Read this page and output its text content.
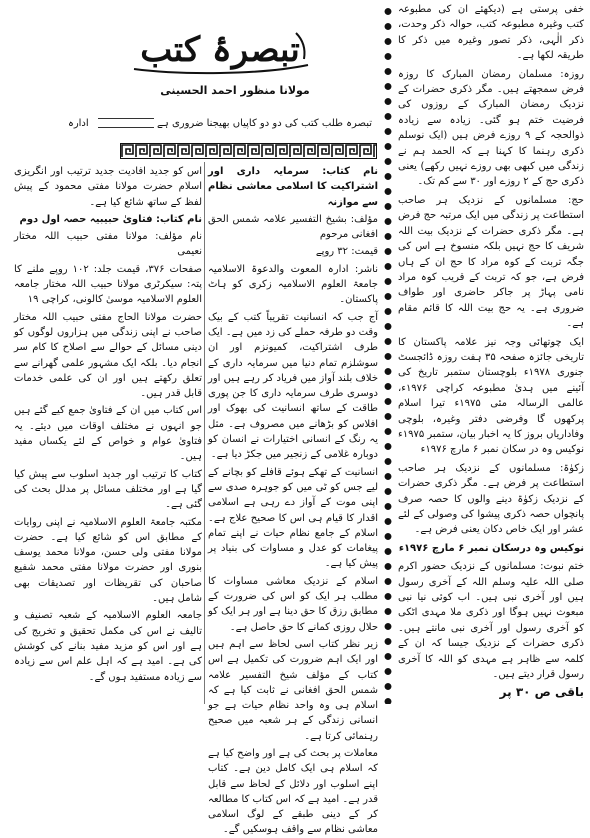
خفی پرستی ہے (دیکھئے ان کی مطبوعہ کتب وغیرہ مطبوعہ کتب، حوالہ ذکر وحدت، ذکر الٰہی، ذکر تصور وغیرہ میں ذکر کا طریقہ لکھا ہے۔

روزہ: مسلمان رمضان المبارک کا روزہ فرض سمجھتے ہیں۔ مگر ذکری حضرات کے نزدیک رمضان المبارک کے روزوں کی فرضیت ختم ہو گئی۔ زیادہ سے زیادہ ذوالحجہ کے ۹ روزے فرض ہیں (ایک نوسلم ذکری رہنما کا کہنا ہے کہ الحمد ہم نے زندگی میں کبھی بھی روزے نہیں رکھے) یعنی ذکری حج کے ۲ روزے اور ۳۰ سے کم تک۔

حج: مسلمانوں کے نزدیک ہر صاحب استطاعت پر زندگی میں ایک مرتبہ حج فرض ہے۔ مگر ذکری حضرات کے نزدیک بیت اللہ شریف کا حج نہیں بلکہ منسوخ ہے اس کی جگہ تربت کے کوہ مراد کا حج ان کے ہاں فرض ہے، جو کہ تربت کے قریب کوہ مراد نامی پہاڑ پر جاکر حاضری اور طواف ضروری ہے۔ یہ حج بیت اللہ کا قائم مقام ہے۔

ایک چوتھائی وجہ نیز علامہ پاکستان کا تاریخی جائزہ صفحہ ۳۵ ہفت روزہ ڈائجسٹ جنوری ۱۹۷۸ء بلوچستان ستمبر تاریخ کی آئینے میں ہدیٰ مطبوعہ کراچی ۱۹۷۶ء، عالمی الرسالہ مئی ۱۹۷۵ء تیرا اسلام پرکھوں گا وفرضی دفتر وغیرہ، بلوچی وفاداریاں بروز کا یہ اخبار بیان، ستمبر ۱۹۷۵ء نوکیس وہ در سکان نمبر ۶ مارچ ۱۹۷۶ء

زکوٰۃ: مسلمانوں کے نزدیک ہر صاحب استطاعت پر فرض ہے۔ مگر ذکری حضرات کے نزدیک زکوٰۃ دینے والوں کا حصہ صرف پانچواں حصہ ذکری پیشوا کی وصولی کے لئے عشر اور ایک خاص دکان یعنی فرض ہے۔

نوکیس وہ درسکان نمبر ۶ مارچ ۱۹۷۶ء

ختم نبوت: مسلمانوں کے نزدیک حضور اکرم صلی اللہ علیہ وسلم اللہ کے آخری رسول ہیں اور آخری نبی ہیں۔ اب کوئی نیا نبی مبعوث نہیں ہوگا اور ذکری ملا مہدی اٹکی کو آخری رسول اور آخری نبی مانتے ہیں۔ ذکری حضرات کے نزدیک جیسا کہ ان کے کلمہ سے ظاہر ہے مہدی کو اللہ کا آخری رسول قرار دیتے ہیں۔

باقی ص ۳۰ پر

تبصرۂ کتب
مولانا منظور احمد الحسینی
تبصرہ طلب کتب کی دو دو کاپیاں بھیجنا ضروری ہے  ادارہ

نام کتاب: سرمایہ داری اور اشتراکیت کا اسلامی معاشی نظام سے موازنہ

مؤلف: بشیخ التفسیر علامہ شمس الحق افغانی مرحوم

قیمت: ۳۲ روپے

ناشر: ادارہ المعوت والدعوۃ الاسلامیہ جامعۃ العلوم الاسلامیہ زکری کو ہاٹ پاکستان۔

آج جب کہ انسانیت تقریباً کتب کے بیک وقت دو طرفہ حملے کی زد میں ہے۔ ایک طرف اشتراکیت، کمیونزم اور ان سوشلزم تمام دنیا میں سرمایہ داری کے خلاف بلند آواز میں فریاد کر رہے ہیں اور دوسری طرف سرمایہ داری کا جن پوری طاقت کے ساتھ انسانیت کی بھوک اور افلاس کو بڑھانے میں مصروف ہے۔ مثل یہ رنگ کے انسانی اختیارات نے انسان کو دوبارہ غلامی کے زنجیر میں جکڑ دیا ہے۔

انسانیت کے تھکے ہوئے قافلے کو بچانے کے لیے جس کو ٹی میں کو جوہرہ صدی سے اپنی موت کے آواز دے رہی ہے اسلامی اقدار کا قیام ہی اس کا صحیح علاج ہے۔ اسلام کے جامع نظام حیات نے اپنے تمام پیغامات کو عدل و مساوات کی بنیاد پر پیش کیا ہے۔

اسلام کے نزدیک معاشی مساوات کا مطلب ہر ایک کو اس کی ضرورت کے مطابق رزق کا حق دینا ہے اور ہر ایک کو حلال روزی کمانے کا حق حاصل ہے۔

زیر نظر کتاب اسی لحاظ سے اہم ہیں اور ایک اہم ضرورت کی تکمیل ہے اس کتاب کے مؤلف شیخ التفسیر علامہ شمس الحق افغانی نے ثابت کیا ہے کہ اسلام ہی وہ واحد نظام حیات ہے جو انسانی زندگی کے ہر شعبہ میں صحیح رہنمائی کرتا ہے۔

معاملات پر بحث کی ہے اور واضح کیا ہے کہ اسلام ہی ایک کامل دین ہے۔ کتاب اپنے اسلوب اور دلائل کے لحاظ سے قابل قدر ہے۔ امید ہے کہ اس کتاب کا مطالعہ کر کے دینی طبقے کے لوگ اسلامی معاشی نظام سے واقف ہوسکیں گے۔

اس کو جدید افادیت جدید ترتیب اور انگریزی اسلام حضرت مولانا مفتی محمود کے پیش لفظ کے ساتھ شائع کیا ہے۔

نام کتاب: فتاویٰ حبیبیہ حصہ اول دوم

نام مؤلف: مولانا مفتی حبیب اللہ مختار نعیمی

صفحات ۳۷۶، قیمت جلد: ۱۰۲ روپے ملنے کا پتہ: سیکرٹری مولانا حبیب اللہ مختار جامعہ العلوم الاسلامیہ موسیٰ کالونی، کراچی ۱۹

حضرت مولانا الحاج مفتی حبیب اللہ مختار صاحب نے اپنی زندگی میں ہزاروں لوگوں کو دینی مسائل کے حوالے سے اصلاح کا کام سر انجام دیا۔ بلکہ ایک مشہور علمی گھرانے سے تعلق رکھتے ہیں اور ان کی علمی خدمات قابل قدر ہیں۔

اس کتاب میں ان کے فتاویٰ جمع کیے گئے ہیں جو انہوں نے مختلف اوقات میں دیئے۔ یہ فتاویٰ عوام و خواص کے لئے یکساں مفید ہیں۔

کتاب کا ترتیب اور جدید اسلوب سے پیش کیا گیا ہے اور مختلف مسائل پر مدلل بحث کی گئی ہے۔

مکتبہ جامعۃ العلوم الاسلامیہ نے اپنی روایات کے مطابق اس کو شائع کیا ہے۔ حضرت مولانا مفتی ولی حسن، مولانا محمد یوسف بنوری اور حضرت مولانا مفتی محمد شفیع صاحبان کی تقریظات اور تصدیقات بھی شامل ہیں۔

جامعہ العلوم الاسلامیہ کے شعبہ تصنیف و تالیف نے اس کی مکمل تحقیق و تخریج کی ہے اور اس کو مزید مفید بنانے کی کوشش کی ہے۔ امید ہے کہ اہل علم اس سے زیادہ سے زیادہ مستفید ہوں گے۔
